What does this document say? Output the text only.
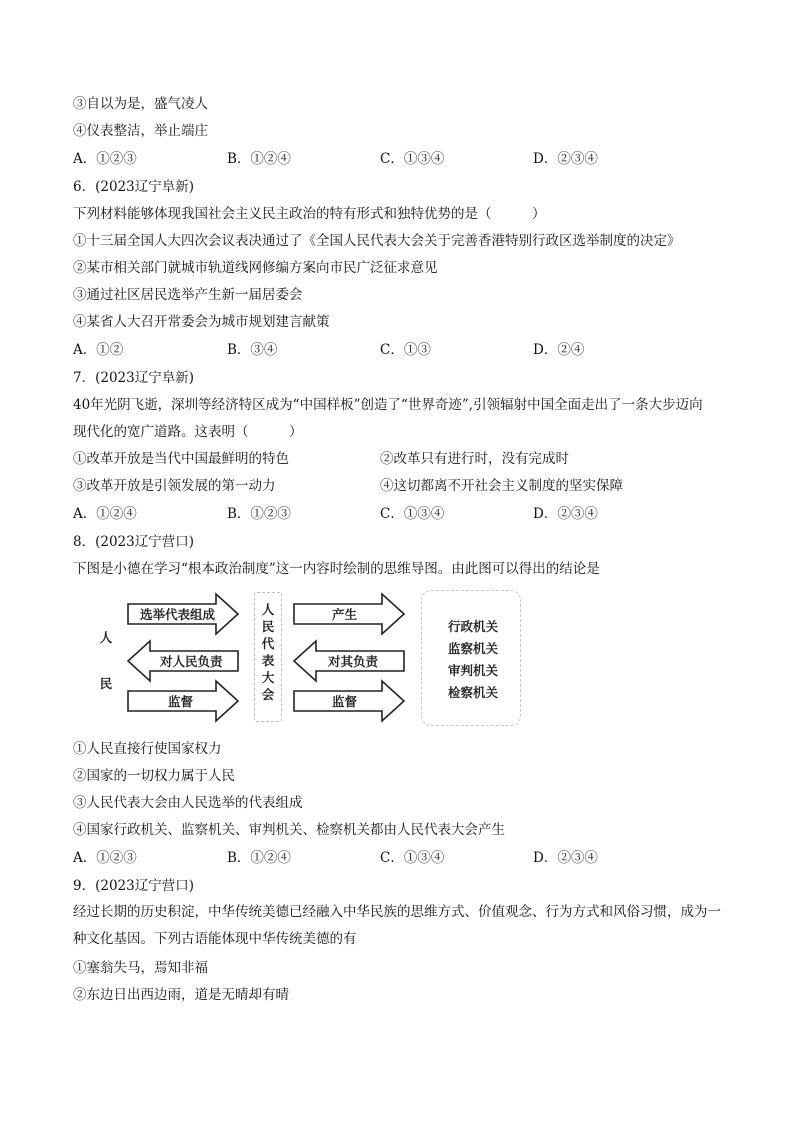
③自以为是，盛气凌人
④仪表整洁，举止端庄
A．①②③	B．①②④	C．①③④	D．②③④
6．(2023辽宁阜新)
下列材料能够体现我国社会主义民主政治的特有形式和独特优势的是（　　　）
①十三届全国人大四次会议表决通过了《全国人民代表大会关于完善香港特别行政区选举制度的决定》
②某市相关部门就城市轨道线网修编方案向市民广泛征求意见
③通过社区居民选举产生新一届居委会
④某省人大召开常委会为城市规划建言献策
A．①②	B．③④	C．①③	D．②④
7．(2023辽宁阜新)
40年光阴飞逝，深圳等经济特区成为“中国样板”创造了“世界奇迹”,引领辐射中国全面走出了一条大步迈向
现代化的宽广道路。这表明（　　　）
①改革开放是当代中国最鲜明的特色	②改革只有进行时，没有完成时
③改革开放是引领发展的第一动力	④这切都离不开社会主义制度的坚实保障
A．①②④	B．①②③	C．①③④	D．②③④
8．(2023辽宁营口)
下图是小德在学习“根本政治制度”这一内容时绘制的思维导图。由此图可以得出的结论是
人
民
选举代表组成
对人民负责
监督
人
民
代
表
大
会
产生
对其负责
监督
行政机关
监察机关
审判机关
检察机关
①人民直接行使国家权力
②国家的一切权力属于人民
③人民代表大会由人民选举的代表组成
④国家行政机关、监察机关、审判机关、检察机关都由人民代表大会产生
A．①②③	B．①②④	C．①③④	D．②③④
9．(2023辽宁营口)
经过长期的历史积淀，中华传统美德已经融入中华民族的思维方式、价值观念、行为方式和风俗习惯，成为一种文化基因。下列古语能体现中华传统美德的有
①塞翁失马，焉知非福
②东边日出西边雨，道是无晴却有晴
